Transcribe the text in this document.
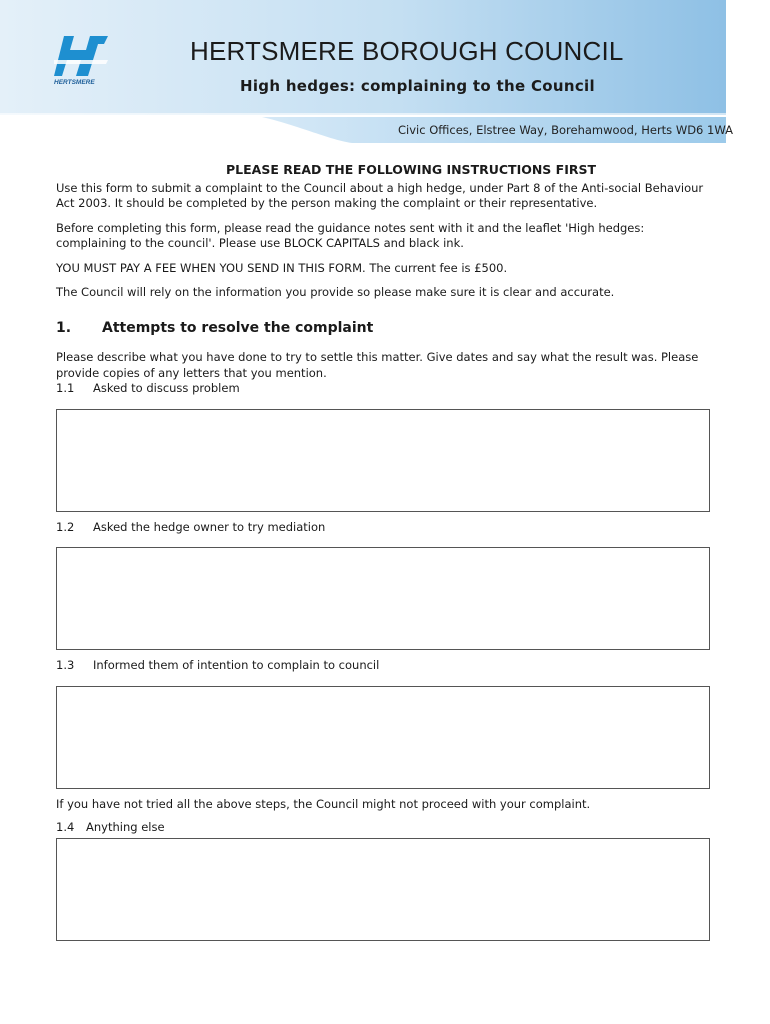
HERTSMERE
HERTSMERE BOROUGH COUNCIL
High hedges: complaining to the Council
Civic Offices, Elstree Way, Borehamwood, Herts WD6 1WA
PLEASE READ THE FOLLOWING INSTRUCTIONS FIRST

Use this form to submit a complaint to the Council about a high hedge, under Part 8 of the Anti-social Behaviour Act 2003. It should be completed by the person making the complaint or their representative.

Before completing this form, please read the guidance notes sent with it and the leaflet 'High hedges: complaining to the council'. Please use BLOCK CAPITALS and black ink.

YOU MUST PAY A FEE WHEN YOU SEND IN THIS FORM. The current fee is £500.

The Council will rely on the information you provide so please make sure it is clear and accurate.

1.	Attempts to resolve the complaint

Please describe what you have done to try to settle this matter. Give dates and say what the result was. Please provide copies of any letters that you mention.

1.1 Asked to discuss problem
1.2 Asked the hedge owner to try mediation
1.3 Informed them of intention to complain to council
If you have not tried all the above steps, the Council might not proceed with your complaint.
1.4 Anything else
